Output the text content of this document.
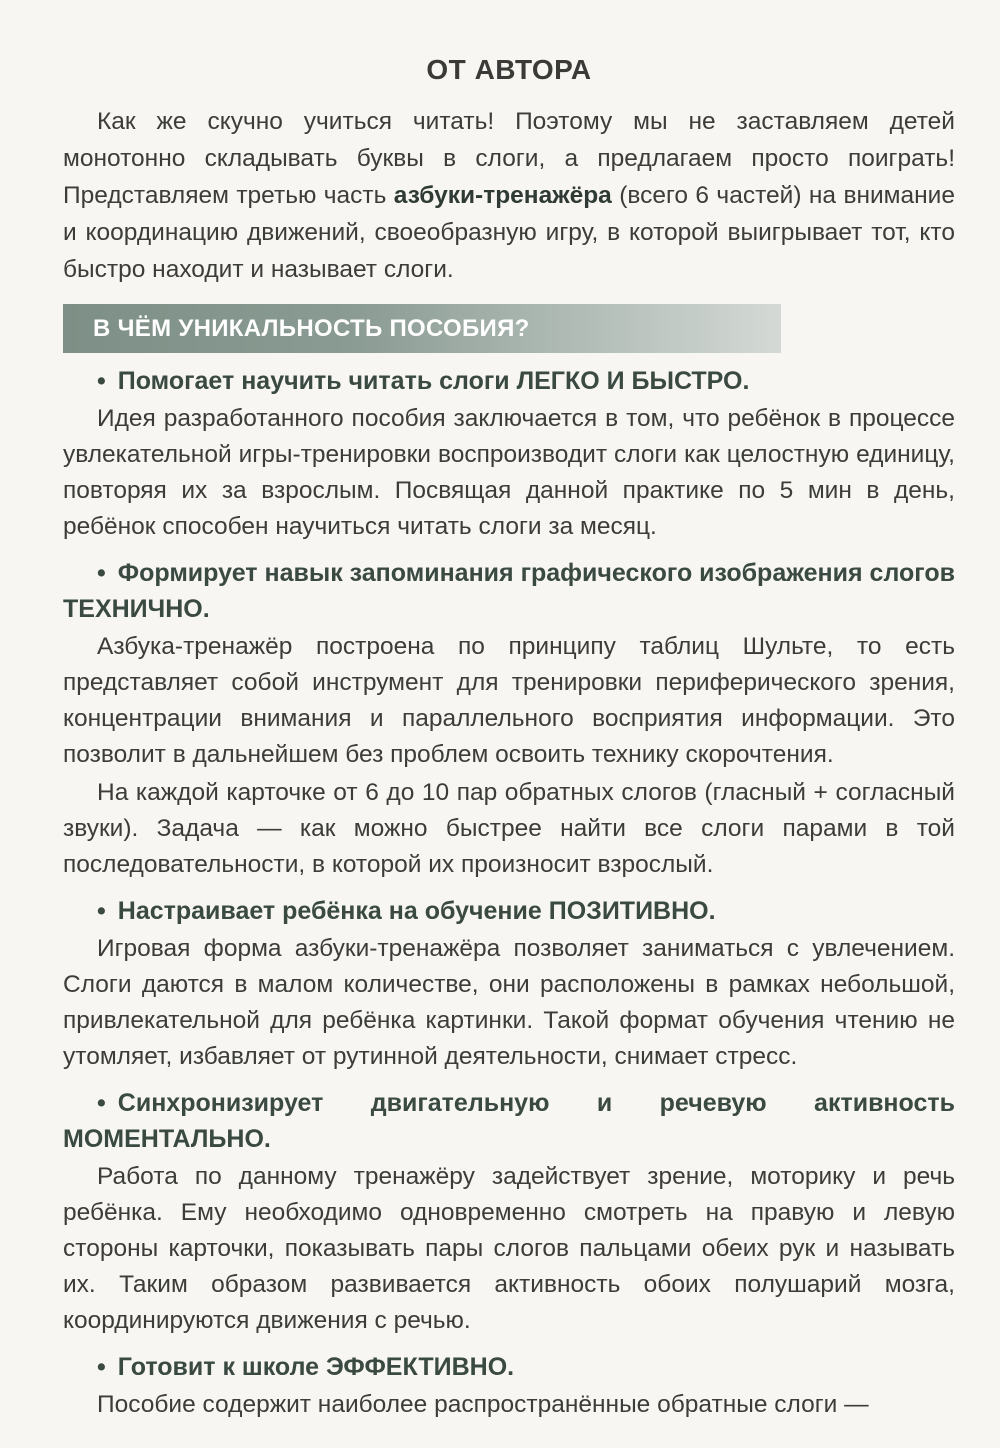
ОТ АВТОРА

Как же скучно учиться читать! Поэтому мы не заставляем детей монотонно складывать буквы в слоги, а предлагаем просто поиграть! Представляем третью часть азбуки-тренажёра (всего 6 частей) на внимание и координацию движений, своеобразную игру, в которой выигрывает тот, кто быстро находит и называет слоги.

В ЧЁМ УНИКАЛЬНОСТЬ ПОСОБИЯ?

• Помогает научить читать слоги ЛЕГКО И БЫСТРО.

Идея разработанного пособия заключается в том, что ребёнок в процессе увлекательной игры-тренировки воспроизводит слоги как целостную единицу, повторяя их за взрослым. Посвящая данной практике по 5 мин в день, ребёнок способен научиться читать слоги за месяц.

• Формирует навык запоминания графического изображения слогов ТЕХНИЧНО.

Азбука-тренажёр построена по принципу таблиц Шульте, то есть представляет собой инструмент для тренировки периферического зрения, концентрации внимания и параллельного восприятия информации. Это позволит в дальнейшем без проблем освоить технику скорочтения.

На каждой карточке от 6 до 10 пар обратных слогов (гласный + согласный звуки). Задача — как можно быстрее найти все слоги парами в той последовательности, в которой их произносит взрослый.

• Настраивает ребёнка на обучение ПОЗИТИВНО.

Игровая форма азбуки-тренажёра позволяет заниматься с увлечением. Слоги даются в малом количестве, они расположены в рамках небольшой, привлекательной для ребёнка картинки. Такой формат обучения чтению не утомляет, избавляет от рутинной деятельности, снимает стресс.

• Синхронизирует двигательную и речевую активность МОМЕНТАЛЬНО.

Работа по данному тренажёру задействует зрение, моторику и речь ребёнка. Ему необходимо одновременно смотреть на правую и левую стороны карточки, показывать пары слогов пальцами обеих рук и называть их. Таким образом развивается активность обоих полушарий мозга, координируются движения с речью.

• Готовит к школе ЭФФЕКТИВНО.

Пособие содержит наиболее распространённые обратные слоги —
